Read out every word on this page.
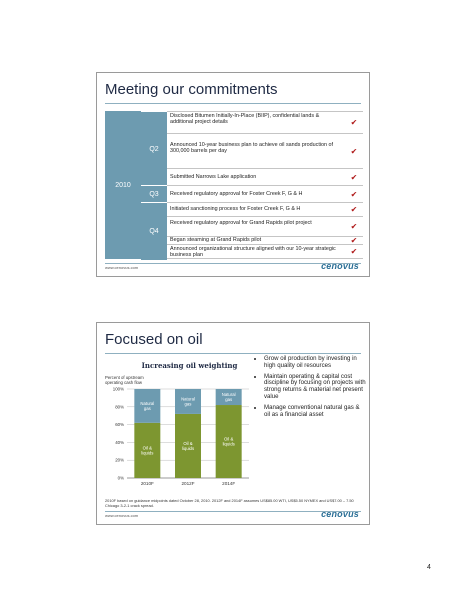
Meeting our commitments
2010
Q2
Q3
Q4
Disclosed Bitumen Initially-In-Place (BIIP), confidential lands & additional project details
Announced 10-year business plan to achieve oil sands production of 300,000 barrels per day
Submitted Narrows Lake application
Received regulatory approval for Foster Creek F, G & H
Initiated sanctioning process for Foster Creek F, G & H
Received regulatory approval for Grand Rapids pilot project
Began steaming at Grand Rapids pilot
Announced organizational structure aligned with our 10-year strategic business plan
✔
✔
✔
✔
✔
✔
✔
✔
www.cenovus.com	cenovus
Focused on oil
Increasing oil weighting
Percent of upstream operating cash flow
0%
20%
40%
60%
80%
100%
Oil &
liquids
Natural
gas
2010F
Oil &
liquids
Natural
gas
2012F
Oil &
liquids
Natural
gas
2014F
• Grow oil production by investing in high quality oil resources
• Maintain operating & capital cost discipline by focusing on projects with strong returns & material net present value
• Manage conventional natural gas & oil as a financial asset
2010F based on guidance midpoints dated October 28, 2010. 2012F and 2014F assumes US$85.00 WTI, US$5.50 NYMEX and US$7.00 – 7.50 Chicago 3-2-1 crack spread.
www.cenovus.com	cenovus
4
